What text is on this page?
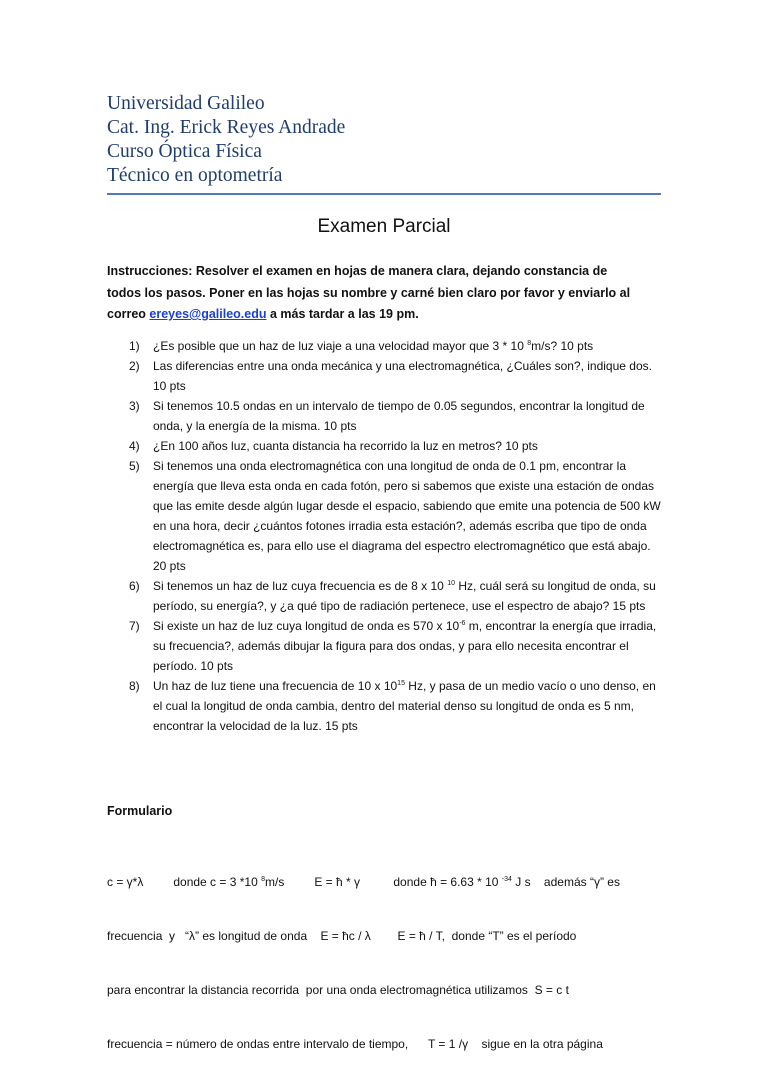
Universidad Galileo
Cat. Ing. Erick Reyes Andrade
Curso Óptica Física
Técnico en optometría
Examen Parcial
Instrucciones: Resolver el examen en hojas de manera clara, dejando constancia de
todos los pasos. Poner en las hojas su nombre y carné bien claro por favor y enviarlo al
correo ereyes@galileo.edu a más tardar a las 19 pm.
1) ¿Es posible que un haz de luz viaje a una velocidad mayor que 3 * 10 $^8$m/s? 10 pts
2) Las diferencias entre una onda mecánica y una electromagnética, ¿Cuáles son?, indique dos. 10 pts
3) Si tenemos 10.5 ondas en un intervalo de tiempo de 0.05 segundos, encontrar la longitud de onda, y la energía de la misma. 10 pts
4) ¿En 100 años luz, cuanta distancia ha recorrido la luz en metros? 10 pts
5) Si tenemos una onda electromagnética con una longitud de onda de 0.1 pm, encontrar la energía que lleva esta onda en cada fotón, pero si sabemos que existe una estación de ondas que las emite desde algún lugar desde el espacio, sabiendo que emite una potencia de 500 kW en una hora, decir ¿cuántos fotones irradia esta estación?, además escriba que tipo de onda electromagnética es, para ello use el diagrama del espectro electromagnético que está abajo. 20 pts
6) Si tenemos un haz de luz cuya frecuencia es de 8 x 10 $^{10}$ Hz, cuál será su longitud de onda, su período, su energía?, y ¿a qué tipo de radiación pertenece, use el espectro de abajo? 15 pts
7) Si existe un haz de luz cuya longitud de onda es 570 x $10^{-6}$ m, encontrar la energía que irradia, su frecuencia?, además dibujar la figura para dos ondas, y para ello necesita encontrar el período. 10 pts
8) Un haz de luz tiene una frecuencia de 10 x $10^{15}$ Hz, y pasa de un medio vacío o uno denso, en el cual la longitud de onda cambia, dentro del material denso su longitud de onda es 5 nm, encontrar la velocidad de la luz. 15 pts
Formulario

c = γ*λ         donde c = 3 *10 $^8$m/s         E = ħ * γ          donde ħ = 6.63 * 10 $^{-34}$ J s    además “γ” es

frecuencia  y   “λ” es longitud de onda    E = ħc / λ        E = ħ / T,  donde “T” es el período

para encontrar la distancia recorrida  por una onda electromagnética utilizamos  S = c t

frecuencia = número de ondas entre intervalo de tiempo,      T = 1 /γ    sigue en la otra página
